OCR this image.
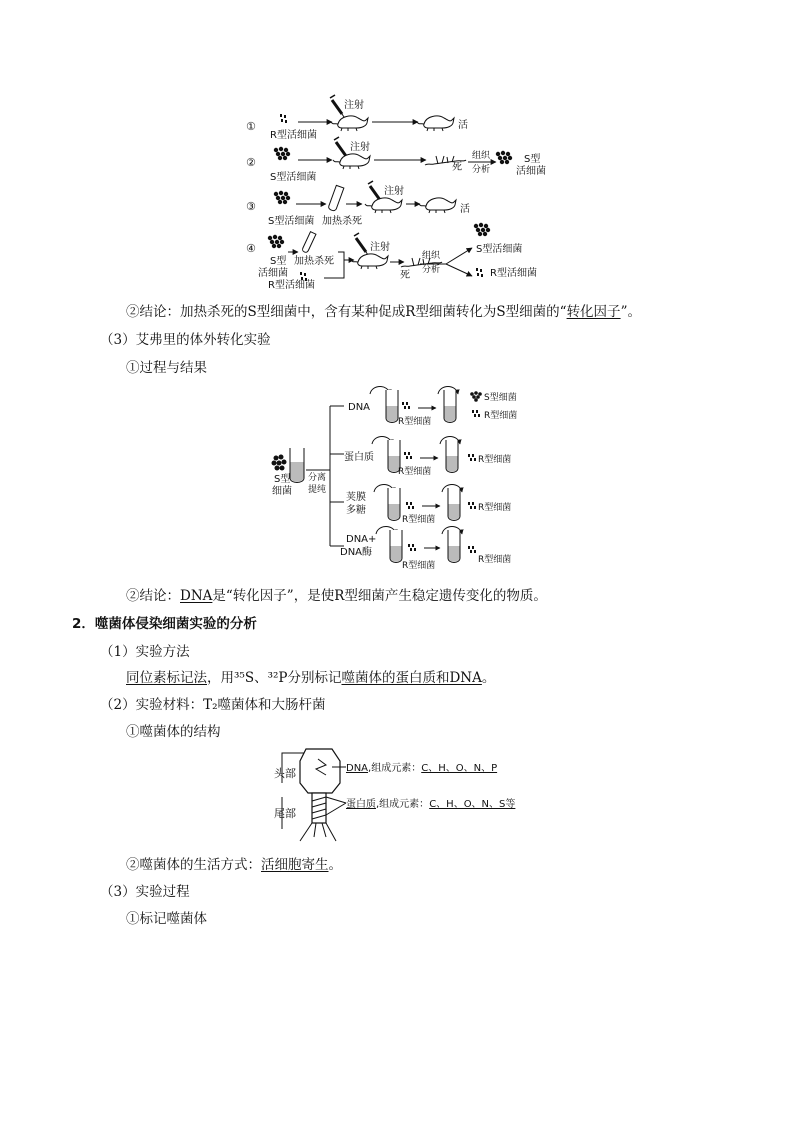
①
R型活细菌
注射
活
②
S型活细菌
注射
死
组织
分析
S型
活细菌
③
S型活细菌 加热杀死
注射
活
④
S型
活细菌
加热杀死
R型活细菌
注射
死
组织
分析
S型活细菌
R型活细菌
②结论：加热杀死的S型细菌中，含有某种促成R型细菌转化为S型细菌的“转化因子”。
（3）艾弗里的体外转化实验
①过程与结果
S型
细菌
分离
提纯
DNA
R型细菌
S型细菌
R型细菌
蛋白质
R型细菌
R型细菌
荚膜
多糖
R型细菌
R型细菌
DNA+
DNA酶
R型细菌
R型细菌
②结论：DNA是“转化因子”，是使R型细菌产生稳定遗传变化的物质。
2．噬菌体侵染细菌实验的分析
（1）实验方法
同位素标记法，用³⁵S、³²P分别标记噬菌体的蛋白质和DNA。
（2）实验材料：T₂噬菌体和大肠杆菌
①噬菌体的结构
头部
尾部
DNA,组成元素：C、H、O、N、P
蛋白质,组成元素：C、H、O、N、S等
②噬菌体的生活方式：活细胞寄生。
（3）实验过程
①标记噬菌体
